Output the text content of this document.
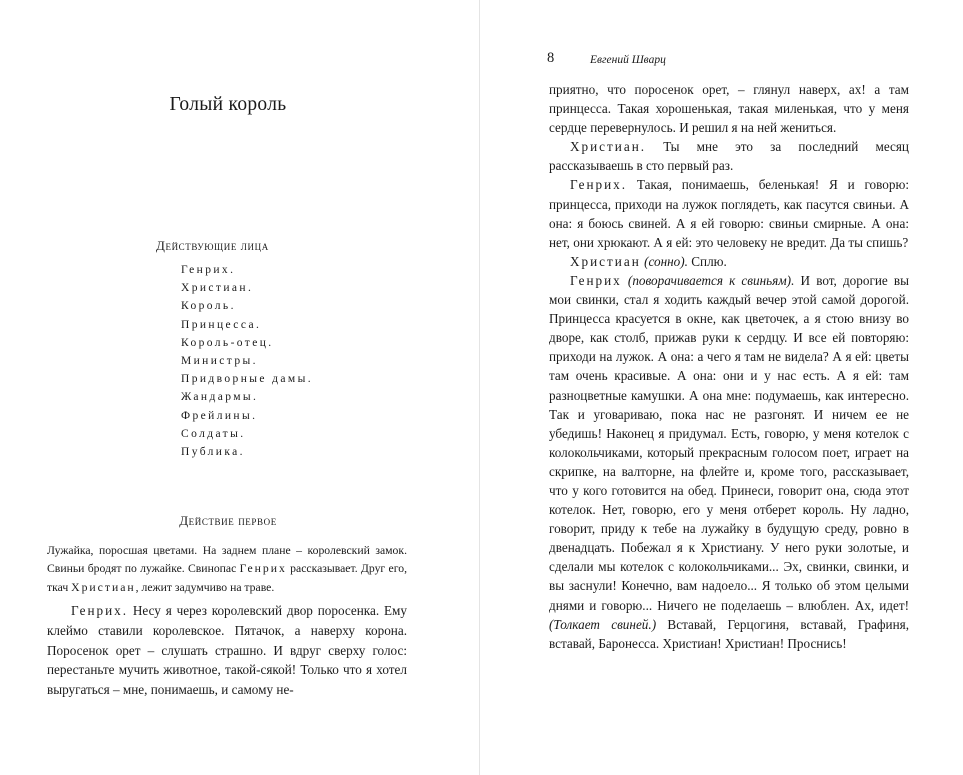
Голый король
Действующие лица
Генрих.
Христиан.
Король.
Принцесса.
Король-отец.
Министры.
Придворные дамы.
Жандармы.
Фрейлины.
Солдаты.
Публика.
Действие первое

Лужайка, поросшая цветами. На заднем плане – королевский замок. Свиньи бродят по лужайке. Свинопас Генрих рассказывает. Друг его, ткач Христиан, лежит задумчиво на траве.

Генрих. Несу я через королевский двор поросенка. Ему клеймо ставили королевское. Пятачок, а наверху корона. Поросенок орет – слушать страшно. И вдруг сверху голос: перестаньте мучить животное, такой-сякой! Только что я хотел выругаться – мне, понимаешь, и самому не-

8	Евгений Шварц

приятно, что поросенок орет, – глянул наверх, ах! а там принцесса. Такая хорошенькая, такая миленькая, что у меня сердце перевернулось. И решил я на ней жениться.

Христиан. Ты мне это за последний месяц рассказываешь в сто первый раз.

Генрих. Такая, понимаешь, беленькая! Я и говорю: принцесса, приходи на лужок поглядеть, как пасутся свиньи. А она: я боюсь свиней. А я ей говорю: свиньи смирные. А она: нет, они хрюкают. А я ей: это человеку не вредит. Да ты спишь?

Христиан (сонно). Сплю.

Генрих (поворачивается к свиньям). И вот, дорогие вы мои свинки, стал я ходить каждый вечер этой самой дорогой. Принцесса красуется в окне, как цветочек, а я стою внизу во дворе, как столб, прижав руки к сердцу. И все ей повторяю: приходи на лужок. А она: а чего я там не видела? А я ей: цветы там очень красивые. А она: они и у нас есть. А я ей: там разноцветные камушки. А она мне: подумаешь, как интересно. Так и уговариваю, пока нас не разгонят. И ничем ее не убедишь! Наконец я придумал. Есть, говорю, у меня котелок с колокольчиками, который прекрасным голосом поет, играет на скрипке, на валторне, на флейте и, кроме того, рассказывает, что у кого готовится на обед. Принеси, говорит она, сюда этот котелок. Нет, говорю, его у меня отберет король. Ну ладно, говорит, приду к тебе на лужайку в будущую среду, ровно в двенадцать. Побежал я к Христиану. У него руки золотые, и сделали мы котелок с колокольчиками... Эх, свинки, свинки, и вы заснули! Конечно, вам надоело... Я только об этом целыми днями и говорю... Ничего не поделаешь – влюблен. Ах, идет! (Толкает свиней.) Вставай, Герцогиня, вставай, Графиня, вставай, Баронесса. Христиан! Христиан! Проснись!
